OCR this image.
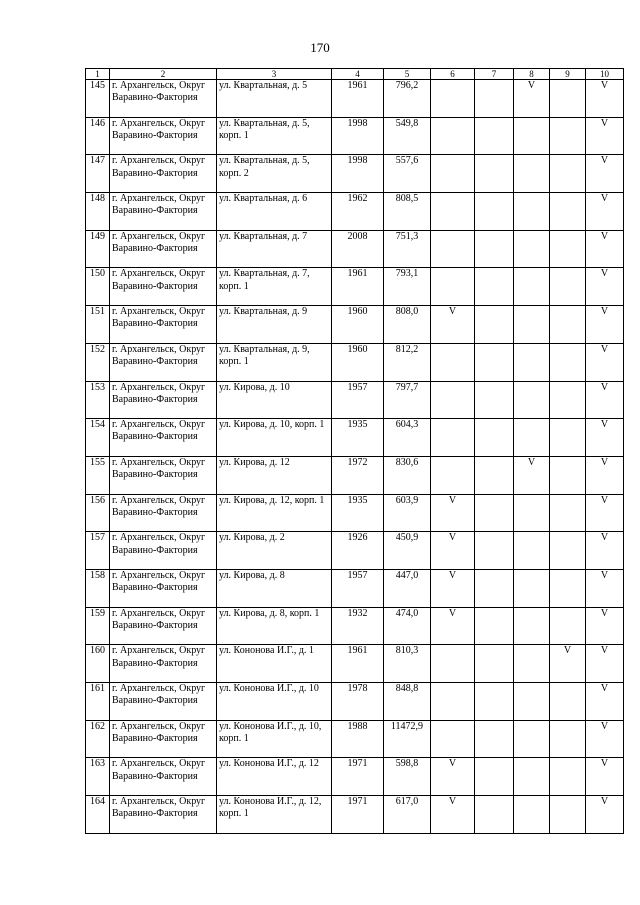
170
1	2	3	4	5	6	7	8	9	10
145	г. Архангельск, Округ Варавино-Фактория	ул. Квартальная, д. 5	1961	796,2			V		V
146	г. Архангельск, Округ Варавино-Фактория	ул. Квартальная, д. 5, корп. 1	1998	549,8					V
147	г. Архангельск, Округ Варавино-Фактория	ул. Квартальная, д. 5, корп. 2	1998	557,6					V
148	г. Архангельск, Округ Варавино-Фактория	ул. Квартальная, д. 6	1962	808,5					V
149	г. Архангельск, Округ Варавино-Фактория	ул. Квартальная, д. 7	2008	751,3					V
150	г. Архангельск, Округ Варавино-Фактория	ул. Квартальная, д. 7, корп. 1	1961	793,1					V
151	г. Архангельск, Округ Варавино-Фактория	ул. Квартальная, д. 9	1960	808,0	V				V
152	г. Архангельск, Округ Варавино-Фактория	ул. Квартальная, д. 9, корп. 1	1960	812,2					V
153	г. Архангельск, Округ Варавино-Фактория	ул. Кирова, д. 10	1957	797,7					V
154	г. Архангельск, Округ Варавино-Фактория	ул. Кирова, д. 10, корп. 1	1935	604,3					V
155	г. Архангельск, Округ Варавино-Фактория	ул. Кирова, д. 12	1972	830,6			V		V
156	г. Архангельск, Округ Варавино-Фактория	ул. Кирова, д. 12, корп. 1	1935	603,9	V				V
157	г. Архангельск, Округ Варавино-Фактория	ул. Кирова, д. 2	1926	450,9	V				V
158	г. Архангельск, Округ Варавино-Фактория	ул. Кирова, д. 8	1957	447,0	V				V
159	г. Архангельск, Округ Варавино-Фактория	ул. Кирова, д. 8, корп. 1	1932	474,0	V				V
160	г. Архангельск, Округ Варавино-Фактория	ул. Кононова И.Г., д. 1	1961	810,3				V	V
161	г. Архангельск, Округ Варавино-Фактория	ул. Кононова И.Г., д. 10	1978	848,8					V
162	г. Архангельск, Округ Варавино-Фактория	ул. Кононова И.Г., д. 10, корп. 1	1988	11472,9					V
163	г. Архангельск, Округ Варавино-Фактория	ул. Кононова И.Г., д. 12	1971	598,8	V				V
164	г. Архангельск, Округ Варавино-Фактория	ул. Кононова И.Г., д. 12, корп. 1	1971	617,0	V				V
